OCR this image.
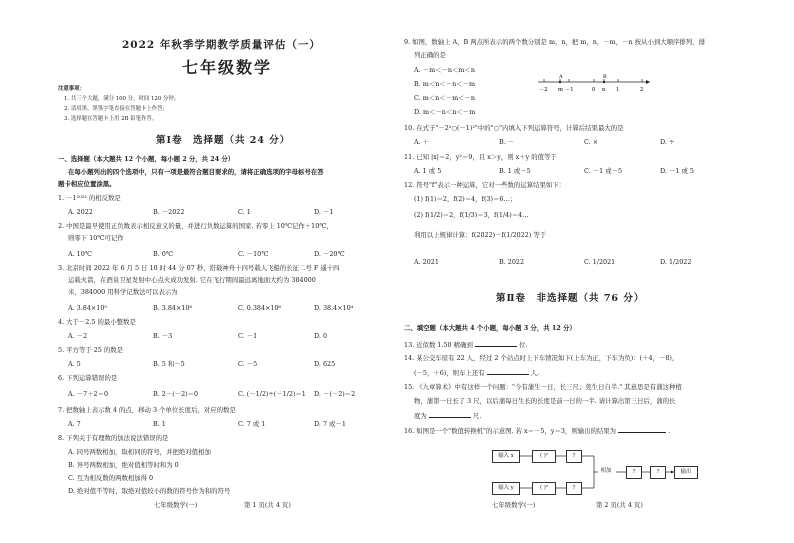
2022 年秋季学期教学质量评估（一）
七年级数学
注意事项：
1. 共三个大题，满分 100 分，时间 120 分钟；
2. 请用黑、黑签字笔直接在答题卡上作答；
3. 选择题在答题卡上用 2B 铅笔作答。
第Ⅰ卷　选择题（共 24 分）
一、选择题（本大题共 12 个小题，每小题 2 分，共 24 分）
在每小题列出的四个选项中，只有一项是最符合题目要求的，请将正确选项的字母标号在答
题卡相应位置涂黑。
1. －1²⁰²² 的相反数是
A. 2022	B. －2022	C. 1	D. －1
2. 中国是最早使用正负数表示相反意义的量，并进行负数运算的国家. 若零上 10℃记作＋10℃，
则零下 10℃可记作
A. 10℃	B. 0℃	C. －10℃	D. －20℃
3. 北京时间 2022 年 6 月 5 日 10 时 44 分 07 秒，搭载神舟十四号载人飞船的长征二号 F 遥十四
运载火箭，在酒泉卫星发射中心点火成功发射. 它在飞行期间最远离地面大约为 384000
米，384000 用科学记数法可以表示为
A. 3.84×10⁵	B. 3.84×10⁶	C. 0.384×10⁶	D. 38.4×10⁴
4. 大于－2.5 的最小整数是
A. －2	B. －3	C. －1	D. 0
5. 平方等于 25 的数是
A. 5	B. 5 和－5	C. －5	D. 625
6. 下列运算错误的是
A. －7＋2＝0	B. 2－(－2)＝0	C. (－1/2)÷(－1/2)＝1 D. －(－2)＝2
7. 把数轴上表示数 4 的点，移动 3 个单位长度后，对应的数是
A. 7	B. 1	C. 7 或 1	D. 7 或－1
8. 下列关于有理数的加法说法错误的是
A. 同号两数相加，取相同的符号，并把绝对值相加
B. 异号两数相加，绝对值相等时和为 0
C. 互为相反数的两数相加得 0
D. 绝对值不等时，取绝对值较小的数的符号作为和的符号
七年级数学(一)	第 1 页(共 4 页)
9. 如图，数轴上 A，B 两点所表示的两个数分别是 m，n，把 m，n，－m，－n 按从小到大顺序排列，排
列正确的是
A. －m＜－n＜m＜n
B. m＜n＜－n＜－m
C. m＜n＜－m＜－n
D. m＜－n＜n＜－m
A	B
－2 m －1	0 n 1	2
10. 在式子"－2²○(－1)²"中的"○"内填入下列运算符号，计算后结果最大的是
A. ＋	B. －	C. ×	D. ÷
11. 已知 |x|＝2，y²＝9，且 x＞y，则 x＋y 的值等于
A. 1 或 5	B. 1 或－5	C. －1 或－5	D. －1 或 5
12. 符号"f"表示一种运算，它对一些数的运算结果如下：
(1) f(1)＝2，f(2)＝4，f(3)＝6…；
(2) f(1/2)＝2，f(1/3)＝3，f(1/4)＝4…
利用以上规律计算：f(2022)－f(1/2022) 等于
A. 2021	B. 2022	C. 1/2021	D. 1/2022
第Ⅱ卷　非选择题（共 76 分）
二、填空题（本大题共 4 个小题，每小题 3 分，共 12 分）
13. 近似数 1.50 精确到	位.
14. 某公交车原有 22 人，经过 2 个站点时上下车情况如下(上车为正，下车为负)：(＋4，－8)，
(－5，＋6)，则车上还有	人.
15. 《九章算术》中有这样一个问题："今有蒲生一日，长三尺；莞生日自半." 其意思是有蒲这种植
物，蒲第一日长了 3 尺，以后蒲每日生长的长度是前一日的一半. 请计算出第三日后，蒲的长
度为	尺.
16. 如图是一个"数值转换机"的示意图. 若 x＝－5，y＝3，则输出的结果为	.
输入 x	( )²	?
输入 y	( )³	?
相加	?	?	输出
七年级数学(一)	第 2 页(共 4 页)
